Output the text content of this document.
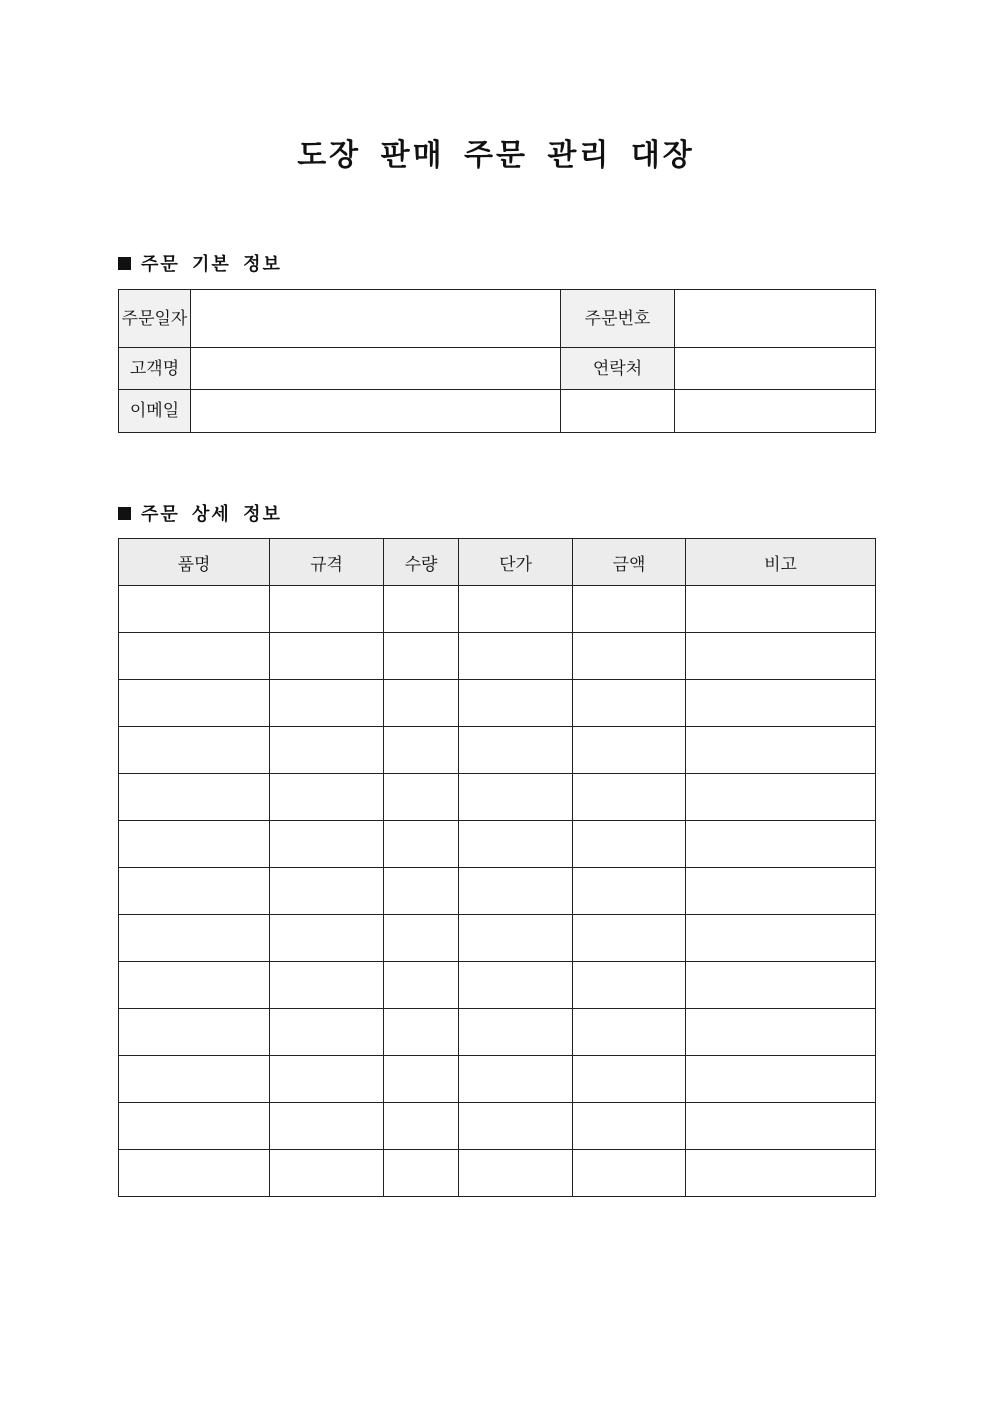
도장 판매 주문 관리 대장
주문 기본 정보
주문일자		주문번호	

고객명		연락처	

이메일	

주문 상세 정보
품명	규격	수량	단가	금액	비고
